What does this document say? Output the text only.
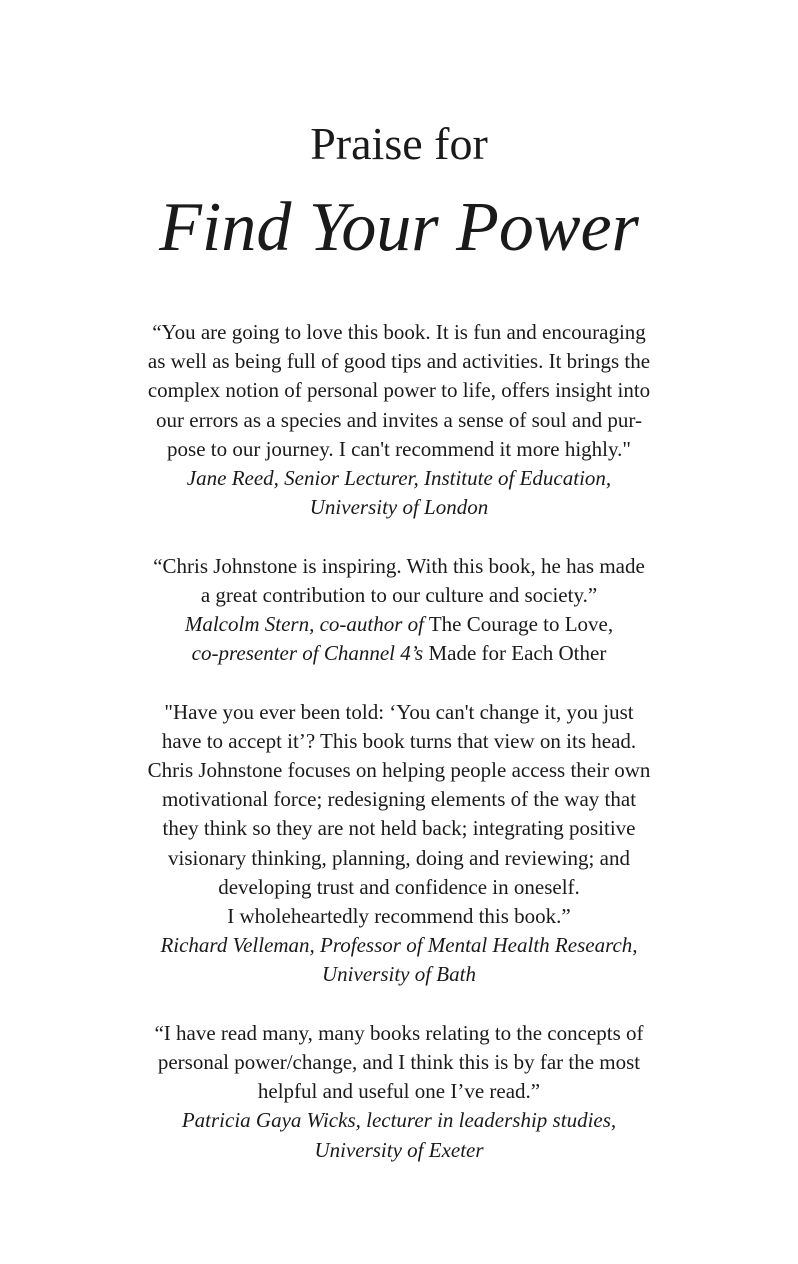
Praise for
Find Your Power
“You are going to love this book. It is fun and encouraging
as well as being full of good tips and activities. It brings the
complex notion of personal power to life, offers insight into
our errors as a species and invites a sense of soul and pur-
pose to our journey. I can't recommend it more highly."
Jane Reed, Senior Lecturer, Institute of Education,
University of London
“Chris Johnstone is inspiring. With this book, he has made
a great contribution to our culture and society.”
Malcolm Stern, co-author of The Courage to Love,
co-presenter of Channel 4’s Made for Each Other
"Have you ever been told: ‘You can't change it, you just
have to accept it’? This book turns that view on its head.
Chris Johnstone focuses on helping people access their own
motivational force; redesigning elements of the way that
they think so they are not held back; integrating positive
visionary thinking, planning, doing and reviewing; and
developing trust and confidence in oneself.
I wholeheartedly recommend this book.”
Richard Velleman, Professor of Mental Health Research,
University of Bath
“I have read many, many books relating to the concepts of
personal power/change, and I think this is by far the most
helpful and useful one I’ve read.”
Patricia Gaya Wicks, lecturer in leadership studies,
University of Exeter
